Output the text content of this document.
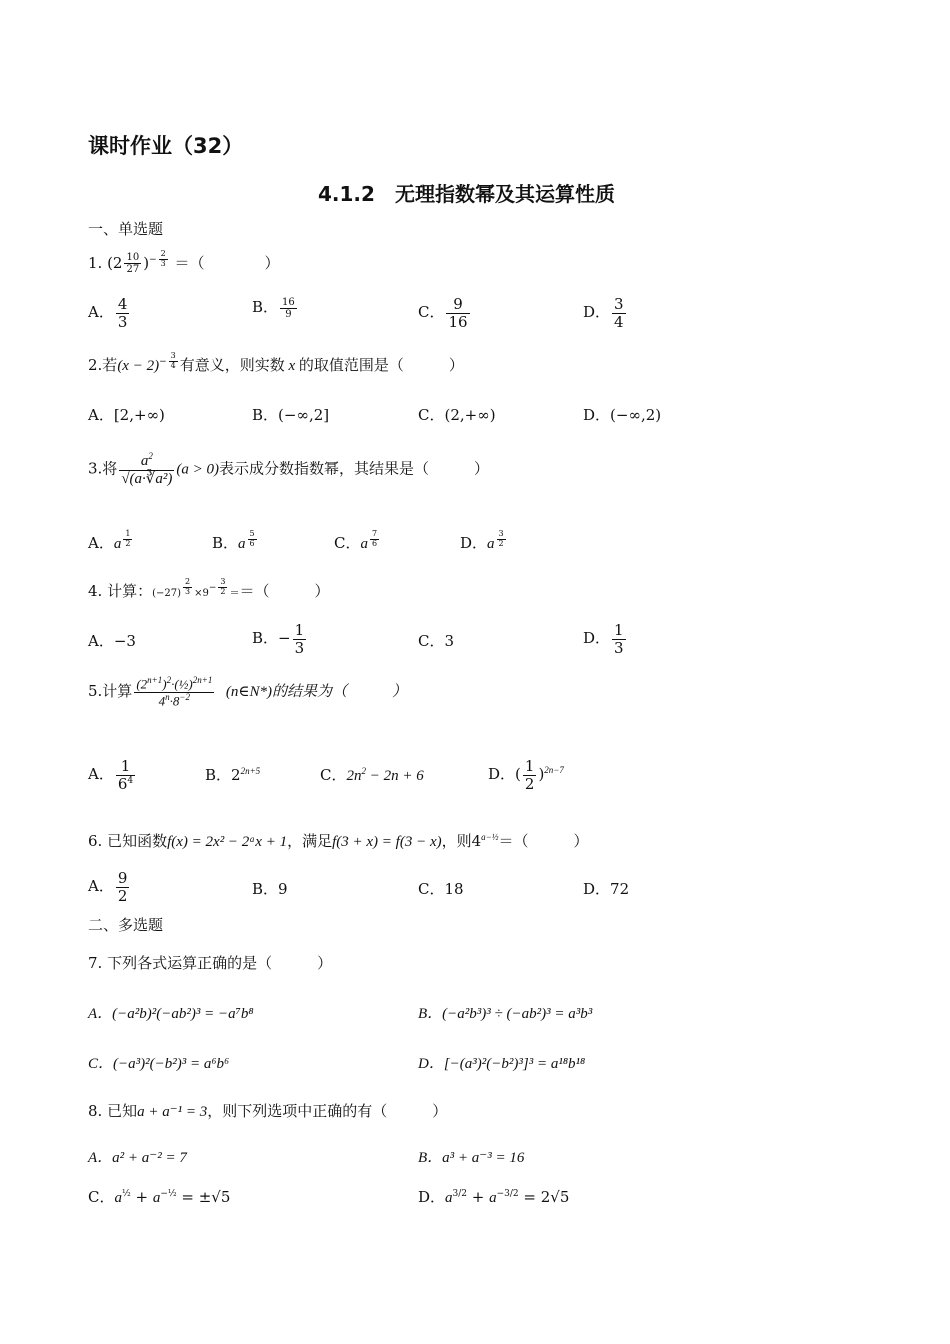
课时作业（32）
4.1.2　无理指数幂及其运算性质
一、单选题
1. $(2 \frac{10}{27} )^{- \frac{2}{3}}$ ＝（　　　　）
A． $\frac{4}{3}$	B． $\frac{16}{9}$	C． $\frac{9}{16}$	D． $\frac{3}{4}$
2.若$(x - 2)^{- \frac{3}{4}}$ 有意义，则实数 x 的取值范围是（　　　）
A．[2,+∞)	B．(−∞,2]	C．(2,+∞)	D．(−∞,2)
3.将 $\frac{a^2}{\text{√(a·∛a²)}} (a > 0)$表示成分数指数幂，其结果是（　　　）
A．a $^{\frac{1}{2}}$	B．a $^{\frac{5}{6}}$	C．a $^{\frac{7}{6}}$	D．a $^{\frac{3}{2}}$
4. 计算：(−27) $^{\frac{2}{3}} \times 9^{- \frac{3}{2}}$ ＝＝（　　　）
A．−3	B．− $\frac{1}{3}$	C．3	D． $\frac{1}{3}$
5.计算 $\frac{(2^{n+1})^2\cdot(\frac{1}{2})^{2n+1}}{4^n\cdot 8^{-2}}$ (n∈N*)的结果为（　　　）
A． $\frac{1}{6^4}$	B．$2^{2n+5}$	C．$2n^2 - 2n + 6$	D．( $\frac{1}{2} )^{2n-7}$
6. 已知函数f(x) = 2x² − 2ᵃx + 1，满足f(3 + x) = f(3 − x)，则$4^{a-\frac{1}{2}}=$（　　　）
A． $\frac{9}{2}$	B．9	C．18	D．72
二、多选题
7. 下列各式运算正确的是（　　　）
A．(−a²b)²(−ab²)³ = −a⁷b⁸	B．(−a²b³)³ ÷ (−ab²)³ = a³b³
C．(−a³)²(−b²)³ = a⁶b⁶	D．[−(a³)²(−b²)³]³ = a¹⁸b¹⁸
8. 已知a + a⁻¹ = 3，则下列选项中正确的有（　　　）
A．a² + a⁻² = 7	B．a³ + a⁻³ = 16
C．$a^{\frac{1}{2}} + a^{-\frac{1}{2}} = \pm√5$	D．$a^{3/2} + a^{-3/2} = 2√5$
